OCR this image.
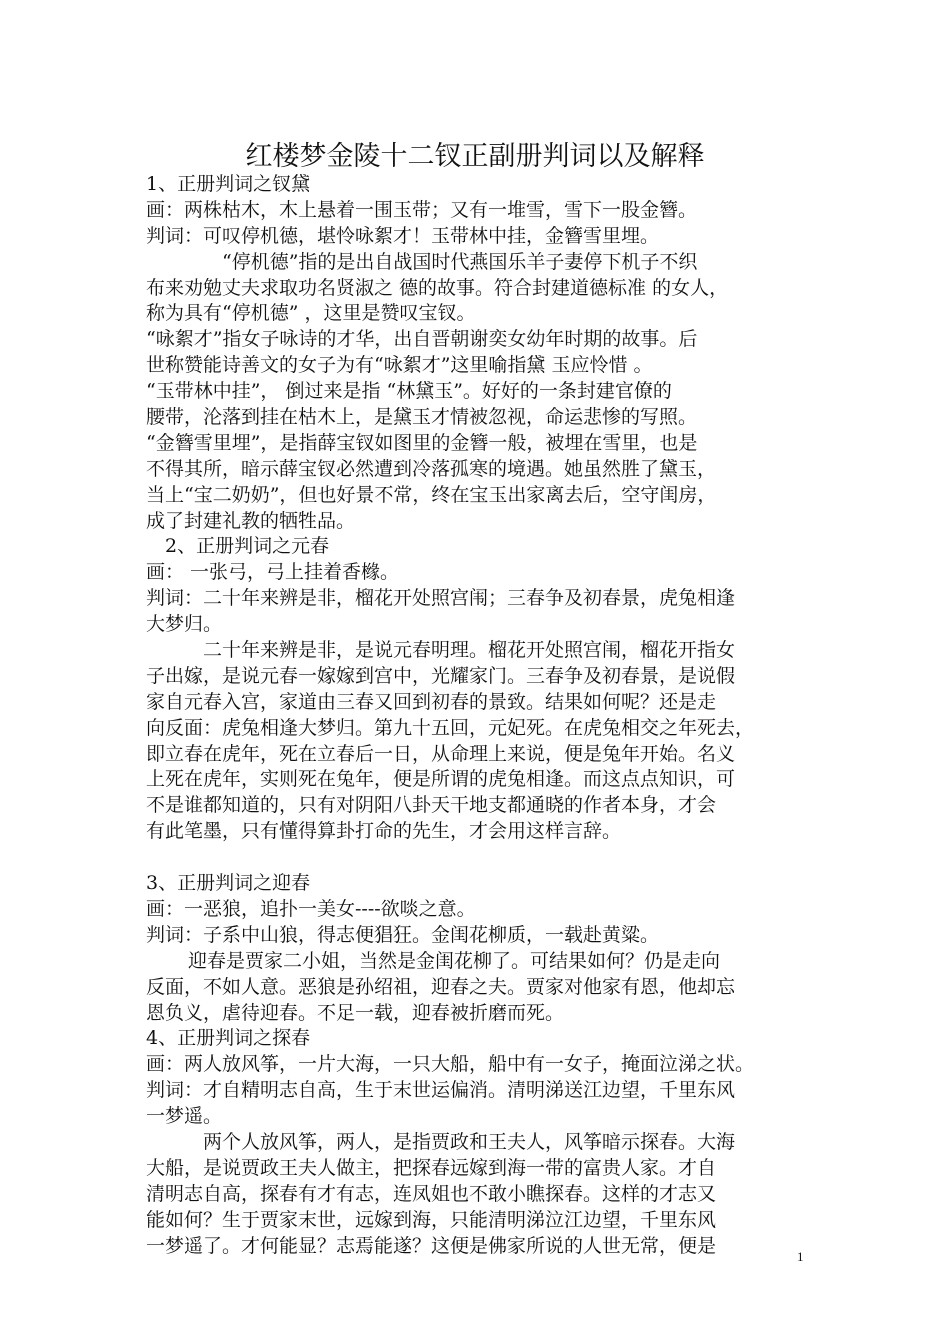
红楼梦金陵十二钗正副册判词以及解释
1、正册判词之钗黛
画：两株枯木，木上悬着一围玉带；又有一堆雪，雪下一股金簪。
判词：可叹停机德，堪怜咏絮才！玉带林中挂，金簪雪里埋。
“停机德”指的是出自战国时代燕国乐羊子妻停下机子不织
布来劝勉丈夫求取功名贤淑之 德的故事。符合封建道德标准 的女人，
称为具有“停机德” ，这里是赞叹宝钗。
“咏絮才”指女子咏诗的才华，出自晋朝谢奕女幼年时期的故事。后
世称赞能诗善文的女子为有“咏絮才”这里喻指黛 玉应怜惜 。
“玉带林中挂”， 倒过来是指 “林黛玉”。好好的一条封建官僚的
腰带，沦落到挂在枯木上，是黛玉才情被忽视，命运悲惨的写照。
“金簪雪里埋”，是指薛宝钗如图里的金簪一般，被埋在雪里，也是
不得其所，暗示薛宝钗必然遭到冷落孤寒的境遇。她虽然胜了黛玉，
当上“宝二奶奶”，但也好景不常，终在宝玉出家离去后，空守闺房，
成了封建礼教的牺牲品。
2、正册判词之元春
画： 一张弓，弓上挂着香橼。
判词：二十年来辨是非，榴花开处照宫闱；三春争及初春景，虎兔相逢
大梦归。
二十年来辨是非，是说元春明理。榴花开处照宫闱，榴花开指女
子出嫁，是说元春一嫁嫁到宫中，光耀家门。三春争及初春景，是说假
家自元春入宫，家道由三春又回到初春的景致。结果如何呢？还是走
向反面：虎兔相逢大梦归。第九十五回，元妃死。在虎兔相交之年死去，
即立春在虎年，死在立春后一日，从命理上来说，便是兔年开始。名义
上死在虎年，实则死在兔年，便是所谓的虎兔相逢。而这点点知识，可
不是谁都知道的，只有对阴阳八卦天干地支都通晓的作者本身，才会
有此笔墨，只有懂得算卦打命的先生，才会用这样言辞。
3、正册判词之迎春
画：一恶狼，追扑一美女----欲啖之意。
判词：子系中山狼，得志便猖狂。金闺花柳质，一载赴黄粱。
迎春是贾家二小姐，当然是金闺花柳了。可结果如何？仍是走向
反面，不如人意。恶狼是孙绍祖，迎春之夫。贾家对他家有恩，他却忘
恩负义，虐待迎春。不足一载，迎春被折磨而死。
4、正册判词之探春
画：两人放风筝，一片大海，一只大船，船中有一女子，掩面泣涕之状。
判词：才自精明志自高，生于末世运偏消。清明涕送江边望，千里东风
一梦遥。
两个人放风筝，两人，是指贾政和王夫人，风筝暗示探春。大海
大船，是说贾政王夫人做主，把探春远嫁到海一带的富贵人家。才自
清明志自高，探春有才有志，连凤姐也不敢小瞧探春。这样的才志又
能如何？生于贾家末世，远嫁到海，只能清明涕泣江边望，千里东风
一梦遥了。才何能显？志焉能遂？这便是佛家所说的人世无常，便是	1
